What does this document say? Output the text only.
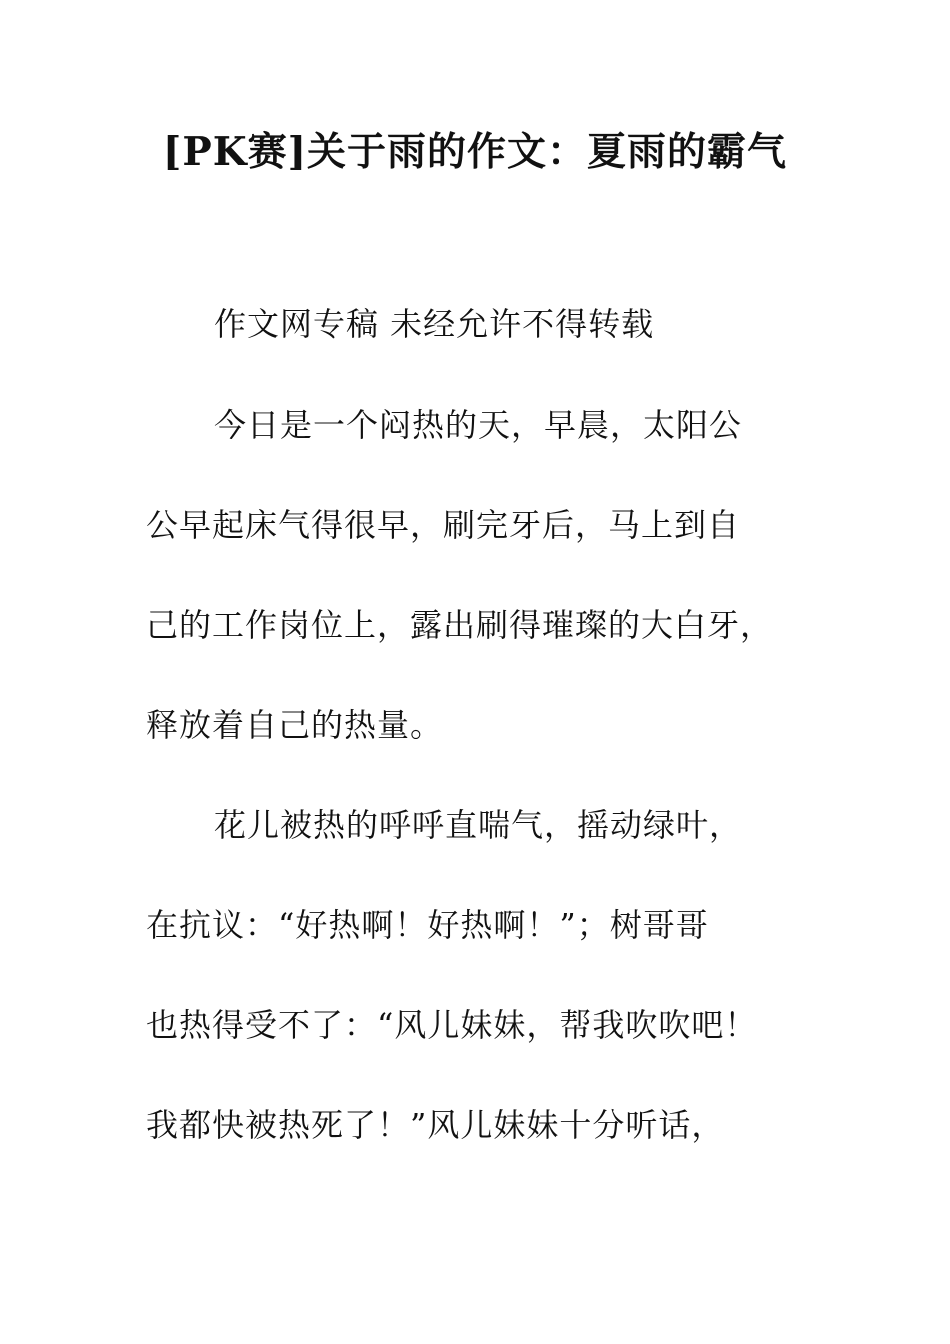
[PK赛]关于雨的作文：夏雨的霸气
作文网专稿 未经允许不得转载
今日是一个闷热的天，早晨，太阳公
公早起床气得很早，刷完牙后，马上到自
己的工作岗位上，露出刷得璀璨的大白牙，
释放着自己的热量。
花儿被热的呼呼直喘气，摇动绿叶，
在抗议：“好热啊！好热啊！”；树哥哥
也热得受不了：“风儿妹妹，帮我吹吹吧！
我都快被热死了！”风儿妹妹十分听话，
